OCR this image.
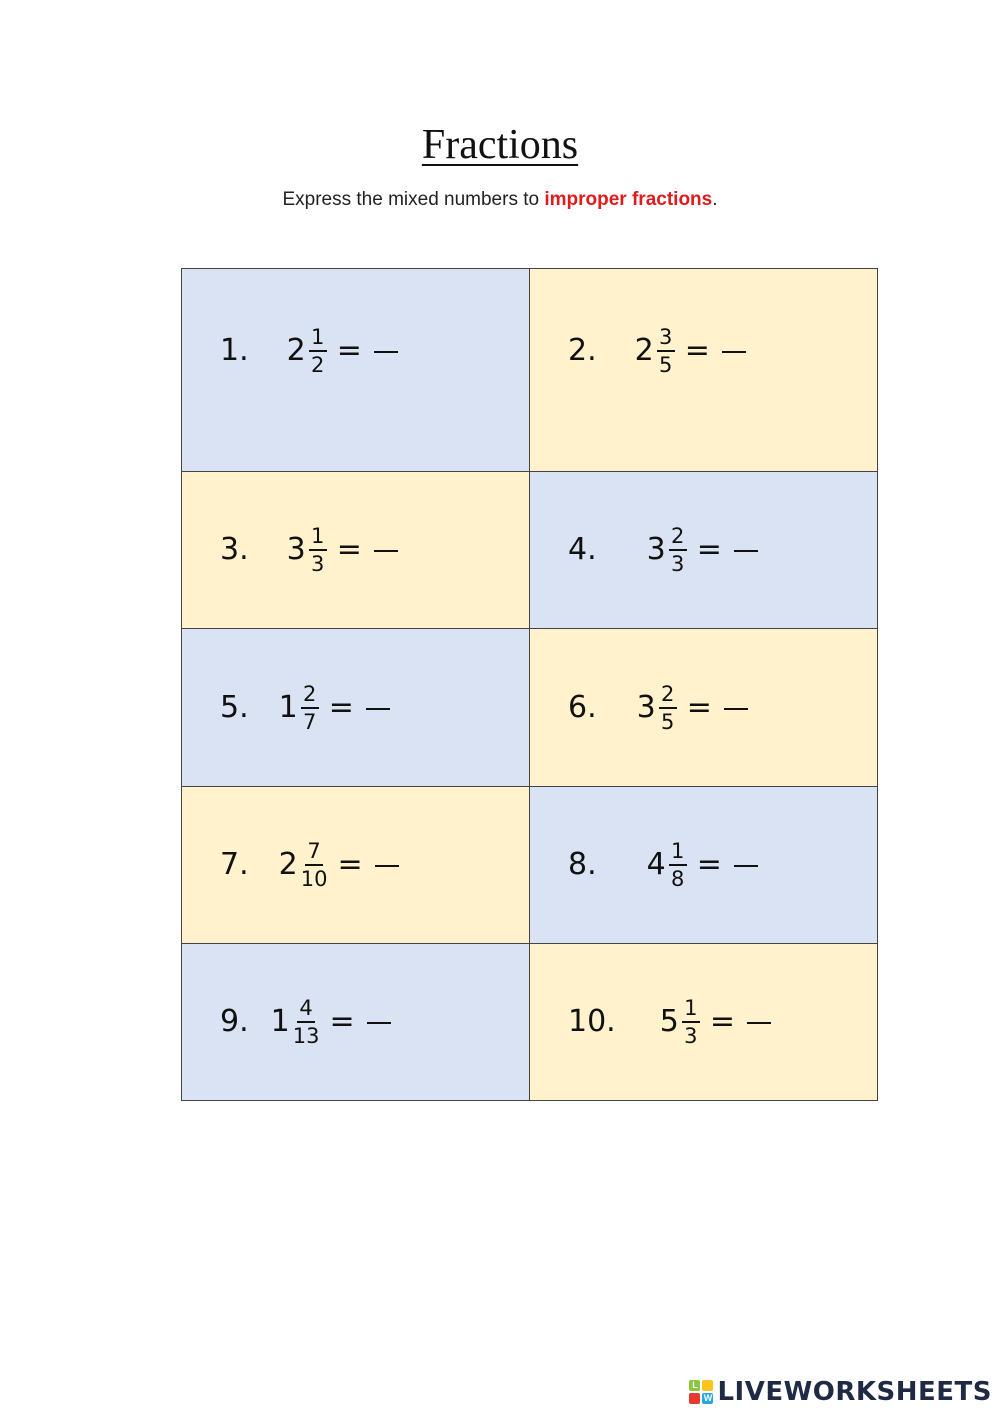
Fractions
Express the mixed numbers to improper fractions.
1. $2 \frac{1}{2}$ =	2. $2 \frac{3}{5}$ =
3. $3 \frac{1}{3}$ =	4. $3 \frac{2}{3}$ =
5. $1 \frac{2}{7}$ =	6. $3 \frac{2}{5}$ =
7. $2 \frac{7}{10}$ =	8. $4 \frac{1}{8}$ =
9. $1 \frac{4}{13}$ =	10. $5 \frac{1}{3}$ =
L
W LIVEWORKSHEETS
